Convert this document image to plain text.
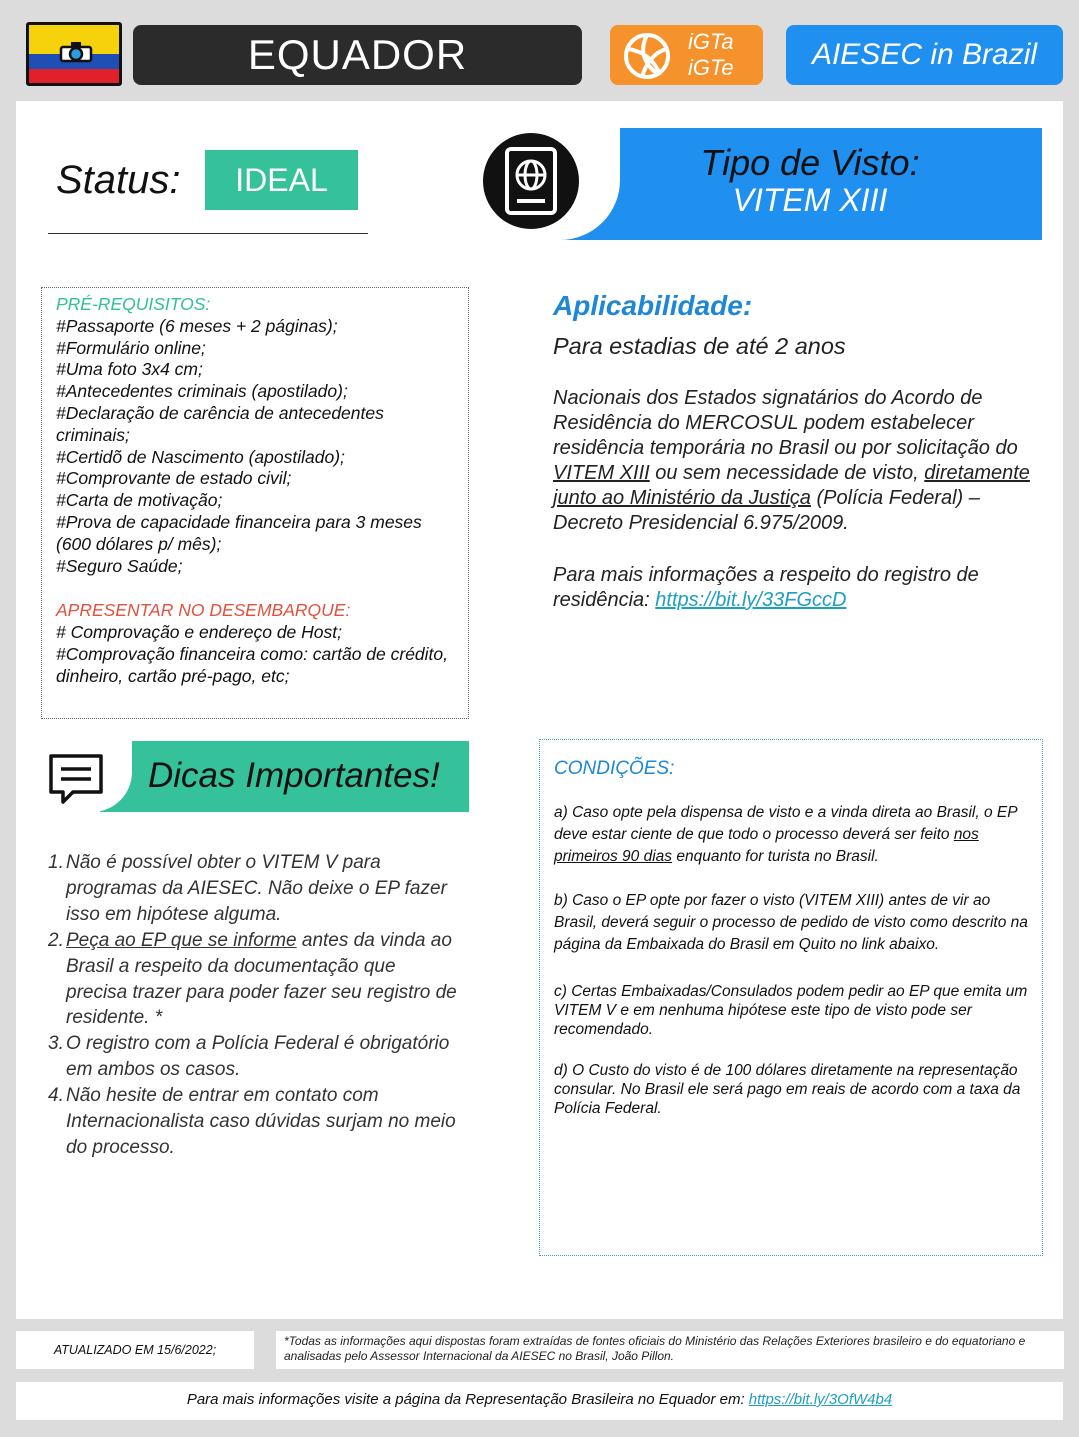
EQUADOR	iGTa
iGTe	AIESEC in Brazil
Status:	IDEAL	Tipo de Visto:
VITEM XIII
PRÉ-REQUISITOS:
#Passaporte (6 meses + 2 páginas);
#Formulário online;
#Uma foto 3x4 cm;
#Antecedentes criminais (apostilado);
#Declaração de carência de antecedentes criminais;
#Certidõ de Nascimento (apostilado);
#Comprovante de estado civil;
#Carta de motivação;
#Prova de capacidade financeira para 3 meses (600 dólares p/ mês);
#Seguro Saúde;
APRESENTAR NO DESEMBARQUE:
# Comprovação e endereço de Host;
#Comprovação financeira como: cartão de crédito, dinheiro, cartão pré-pago, etc;
Aplicabilidade:
Para estadias de até 2 anos
Nacionais dos Estados signatários do Acordo de Residência do MERCOSUL podem estabelecer residência temporária no Brasil ou por solicitação do VITEM XIII ou sem necessidade de visto, diretamente junto ao Ministério da Justiça (Polícia Federal) – Decreto Presidencial 6.975/2009.
Para mais informações a respeito do registro de residência: https://bit.ly/33FGccD
Dicas Importantes!
1. Não é possível obter o VITEM V para programas da AIESEC. Não deixe o EP fazer isso em hipótese alguma.
2. Peça ao EP que se informe antes da vinda ao Brasil a respeito da documentação que precisa trazer para poder fazer seu registro de residente. *
3. O registro com a Polícia Federal é obrigatório em ambos os casos.
4. Não hesite de entrar em contato com Internacionalista caso dúvidas surjam no meio do processo.
CONDIÇÕES:

a) Caso opte pela dispensa de visto e a vinda direta ao Brasil, o EP deve estar ciente de que todo o processo deverá ser feito nos primeiros 90 dias enquanto for turista no Brasil.

b) Caso o EP opte por fazer o visto (VITEM XIII) antes de vir ao Brasil, deverá seguir o processo de pedido de visto como descrito na página da Embaixada do Brasil em Quito no link abaixo.

c) Certas Embaixadas/Consulados podem pedir ao EP que emita um VITEM V e em nenhuma hipótese este tipo de visto pode ser recomendado.

d) O Custo do visto é de 100 dólares diretamente na representação consular. No Brasil ele será pago em reais de acordo com a taxa da Polícia Federal.

ATUALIZADO EM 15/6/2022;
*Todas as informações aqui dispostas foram extraídas de fontes oficiais do Ministério das Relações Exteriores brasileiro e do equatoriano e analisadas pelo Assessor Internacional da AIESEC no Brasil, João Pillon.
Para mais informações visite a página da Representação Brasileira no Equador em: https://bit.ly/3OfW4b4
